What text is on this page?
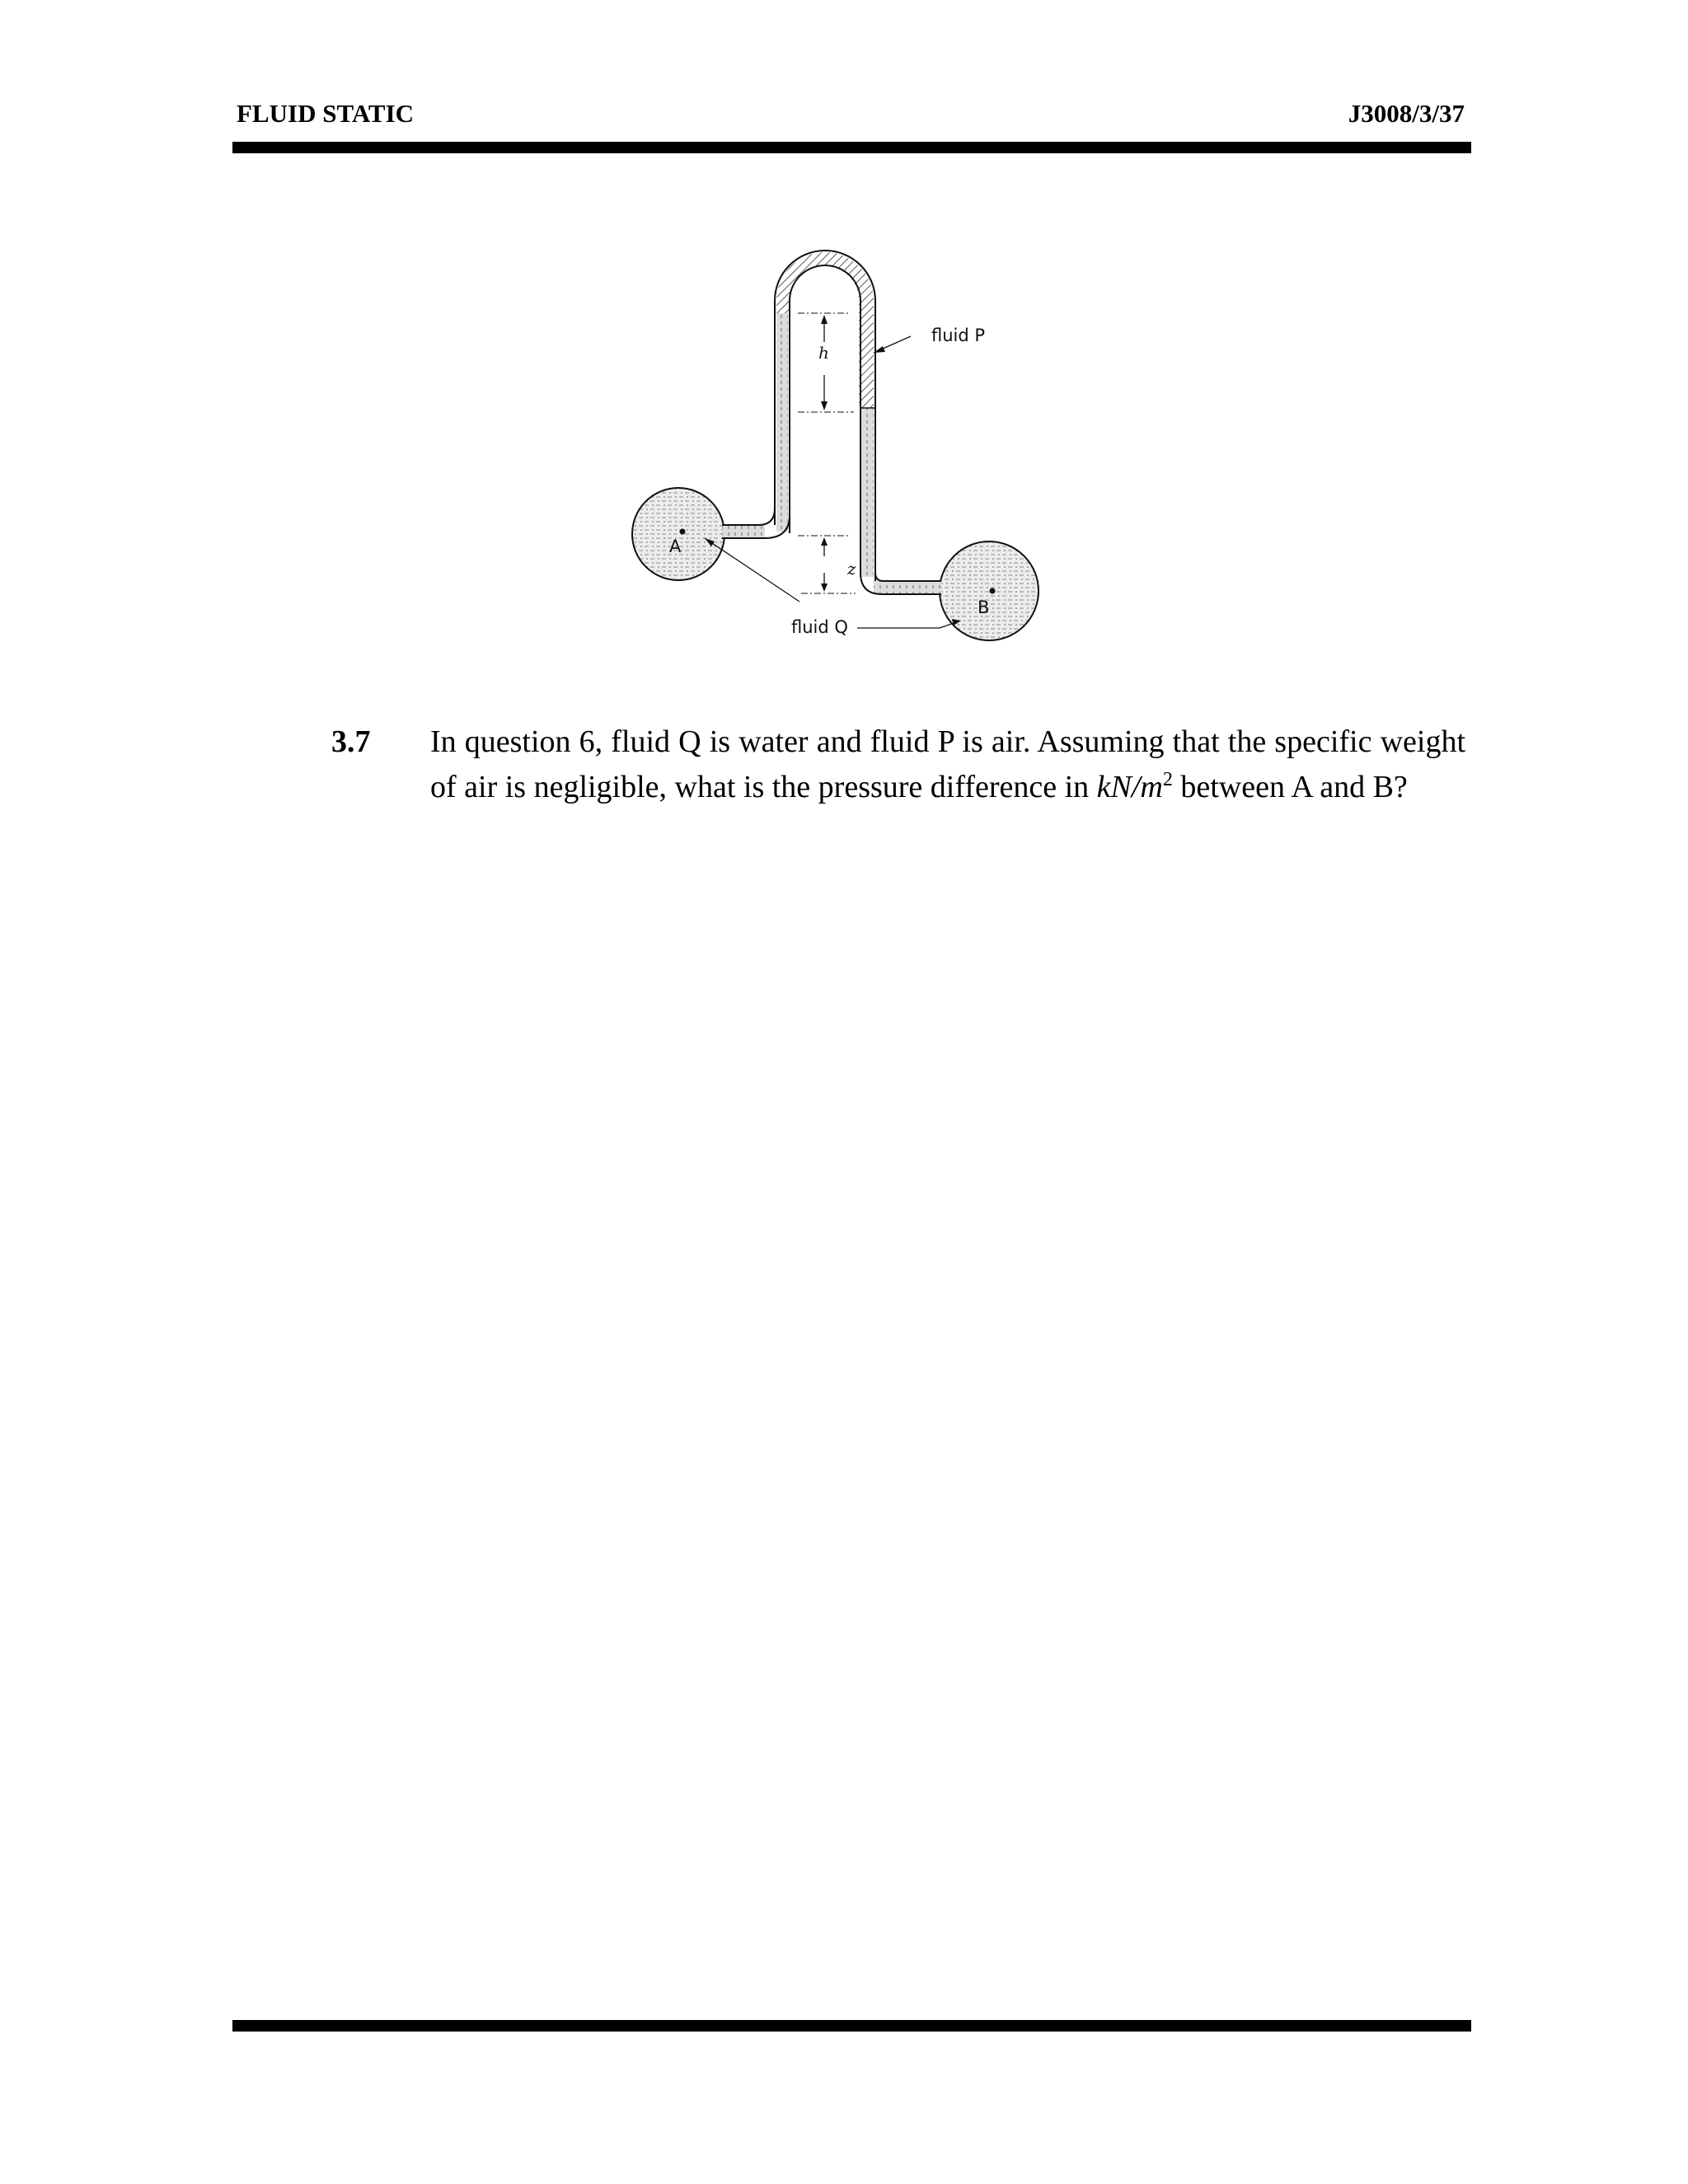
FLUID STATIC	J3008/3/37
fluid P
fluid Q
A
B
h
z
3.7 In question 6, fluid Q is water and fluid P is air. Assuming that the specific weight of air is negligible, what is the pressure difference in $kN/m^2$ between A and B?
